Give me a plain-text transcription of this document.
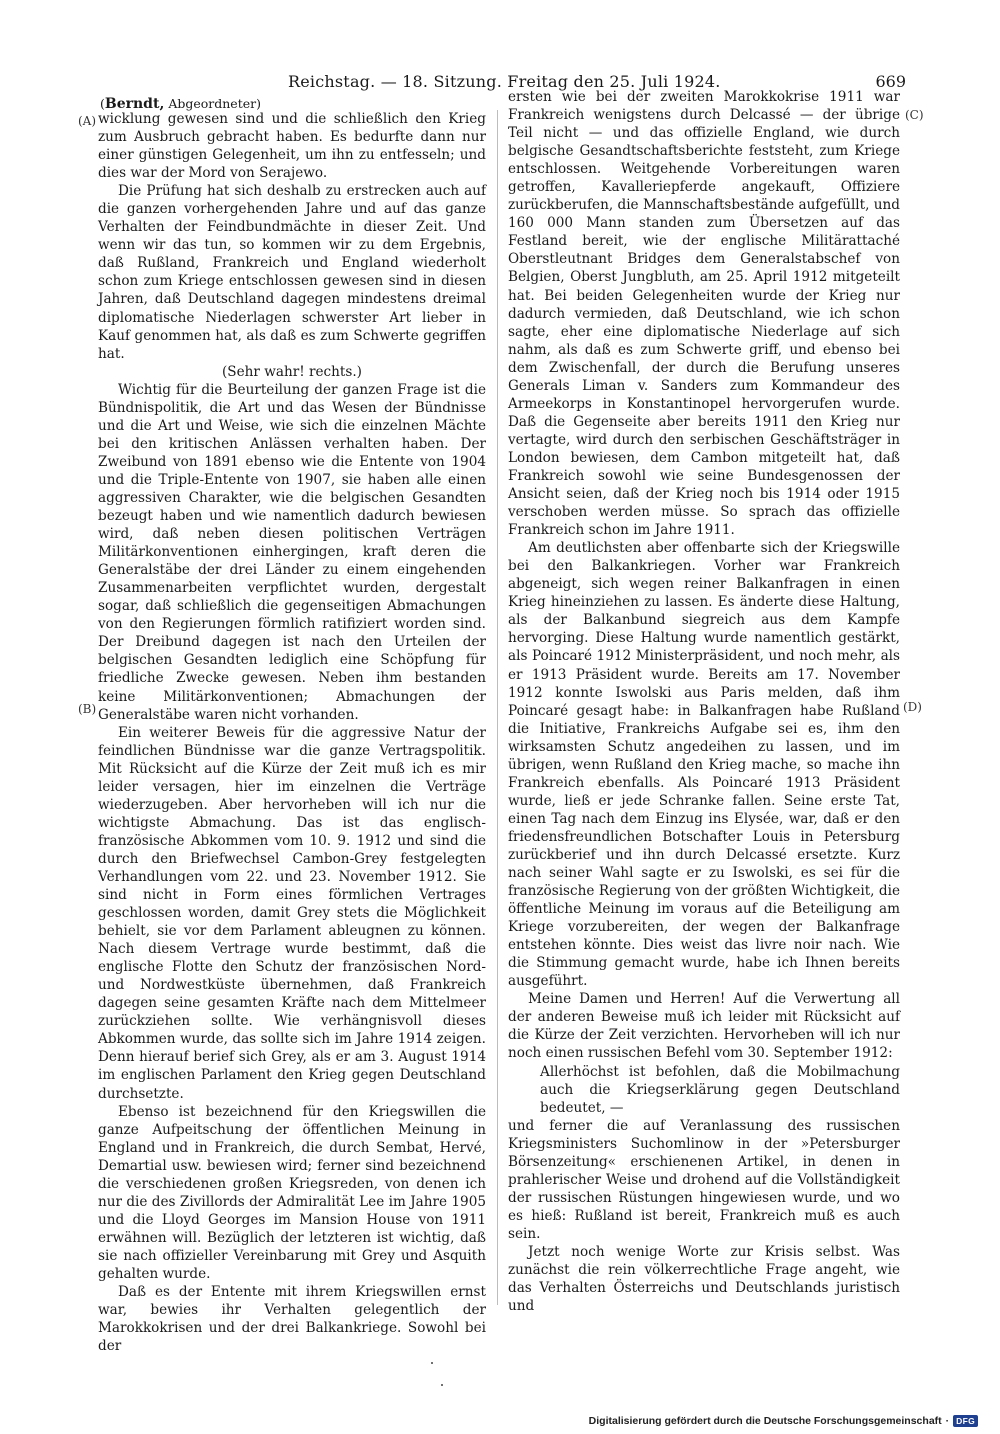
Reichstag. — 18. Sitzung. Freitag den 25. Juli 1924.	669
(Berndt, Abgeordneter)
(A)
(B)
(C)
(D)

wicklung gewesen sind und die schließlich den Krieg zum Ausbruch gebracht haben. Es bedurfte dann nur einer günstigen Gelegenheit, um ihn zu entfesseln; und dies war der Mord von Serajewo.

Die Prüfung hat sich deshalb zu erstrecken auch auf die ganzen vorhergehenden Jahre und auf das ganze Verhalten der Feindbundmächte in dieser Zeit. Und wenn wir das tun, so kommen wir zu dem Ergebnis, daß Rußland, Frankreich und England wiederholt schon zum Kriege entschlossen gewesen sind in diesen Jahren, daß Deutschland dagegen mindestens dreimal diplomatische Niederlagen schwerster Art lieber in Kauf genommen hat, als daß es zum Schwerte gegriffen hat.

(Sehr wahr! rechts.)

Wichtig für die Beurteilung der ganzen Frage ist die Bündnispolitik, die Art und das Wesen der Bündnisse und die Art und Weise, wie sich die einzelnen Mächte bei den kritischen Anlässen verhalten haben. Der Zweibund von 1891 ebenso wie die Entente von 1904 und die Triple-Entente von 1907, sie haben alle einen aggressiven Charakter, wie die belgischen Gesandten bezeugt haben und wie namentlich dadurch bewiesen wird, daß neben diesen politischen Verträgen Militärkonventionen einhergingen, kraft deren die Generalstäbe der drei Länder zu einem eingehenden Zusammenarbeiten verpflichtet wurden, dergestalt sogar, daß schließlich die gegenseitigen Abmachungen von den Regierungen förmlich ratifiziert worden sind. Der Dreibund dagegen ist nach den Urteilen der belgischen Gesandten lediglich eine Schöpfung für friedliche Zwecke gewesen. Neben ihm bestanden keine Militärkonventionen; Abmachungen der Generalstäbe waren nicht vorhanden.

Ein weiterer Beweis für die aggressive Natur der feindlichen Bündnisse war die ganze Vertragspolitik. Mit Rücksicht auf die Kürze der Zeit muß ich es mir leider versagen, hier im einzelnen die Verträge wiederzugeben. Aber hervorheben will ich nur die wichtigste Abmachung. Das ist das englisch-französische Abkommen vom 10. 9. 1912 und sind die durch den Briefwechsel Cambon-Grey festgelegten Verhandlungen vom 22. und 23. November 1912. Sie sind nicht in Form eines förmlichen Vertrages geschlossen worden, damit Grey stets die Möglichkeit behielt, sie vor dem Parlament ableugnen zu können. Nach diesem Vertrage wurde bestimmt, daß die englische Flotte den Schutz der französischen Nord- und Nordwestküste übernehmen, daß Frankreich dagegen seine gesamten Kräfte nach dem Mittelmeer zurückziehen sollte. Wie verhängnisvoll dieses Abkommen wurde, das sollte sich im Jahre 1914 zeigen. Denn hierauf berief sich Grey, als er am 3. August 1914 im englischen Parlament den Krieg gegen Deutschland durchsetzte.

Ebenso ist bezeichnend für den Kriegswillen die ganze Aufpeitschung der öffentlichen Meinung in England und in Frankreich, die durch Sembat, Hervé, Demartial usw. bewiesen wird; ferner sind bezeichnend die verschiedenen großen Kriegsreden, von denen ich nur die des Zivillords der Admiralität Lee im Jahre 1905 und die Lloyd Georges im Mansion House von 1911 erwähnen will. Bezüglich der letzteren ist wichtig, daß sie nach offizieller Vereinbarung mit Grey und Asquith gehalten wurde.

Daß es der Entente mit ihrem Kriegswillen ernst war, bewies ihr Verhalten gelegentlich der Marokkokrisen und der drei Balkankriege. Sowohl bei der

ersten wie bei der zweiten Marokkokrise 1911 war Frankreich wenigstens durch Delcassé — der übrige Teil nicht — und das offizielle England, wie durch belgische Gesandtschaftsberichte feststeht, zum Kriege entschlossen. Weitgehende Vorbereitungen waren getroffen, Kavalleriepferde angekauft, Offiziere zurückberufen, die Mannschaftsbestände aufgefüllt, und 160 000 Mann standen zum Übersetzen auf das Festland bereit, wie der englische Militärattaché Oberstleutnant Bridges dem Generalstabschef von Belgien, Oberst Jungbluth, am 25. April 1912 mitgeteilt hat. Bei beiden Gelegenheiten wurde der Krieg nur dadurch vermieden, daß Deutschland, wie ich schon sagte, eher eine diplomatische Niederlage auf sich nahm, als daß es zum Schwerte griff, und ebenso bei dem Zwischenfall, der durch die Berufung unseres Generals Liman v. Sanders zum Kommandeur des Armeekorps in Konstantinopel hervorgerufen wurde. Daß die Gegenseite aber bereits 1911 den Krieg nur vertagte, wird durch den serbischen Geschäftsträger in London bewiesen, dem Cambon mitgeteilt hat, daß Frankreich sowohl wie seine Bundesgenossen der Ansicht seien, daß der Krieg noch bis 1914 oder 1915 verschoben werden müsse. So sprach das offizielle Frankreich schon im Jahre 1911.

Am deutlichsten aber offenbarte sich der Kriegswille bei den Balkankriegen. Vorher war Frankreich abgeneigt, sich wegen reiner Balkanfragen in einen Krieg hineinziehen zu lassen. Es änderte diese Haltung, als der Balkanbund siegreich aus dem Kampfe hervorging. Diese Haltung wurde namentlich gestärkt, als Poincaré 1912 Ministerpräsident, und noch mehr, als er 1913 Präsident wurde. Bereits am 17. November 1912 konnte Iswolski aus Paris melden, daß ihm Poincaré gesagt habe: in Balkanfragen habe Rußland die Initiative, Frankreichs Aufgabe sei es, ihm den wirksamsten Schutz angedeihen zu lassen, und im übrigen, wenn Rußland den Krieg mache, so mache ihn Frankreich ebenfalls. Als Poincaré 1913 Präsident wurde, ließ er jede Schranke fallen. Seine erste Tat, einen Tag nach dem Einzug ins Elysée, war, daß er den friedensfreundlichen Botschafter Louis in Petersburg zurückberief und ihn durch Delcassé ersetzte. Kurz nach seiner Wahl sagte er zu Iswolski, es sei für die französische Regierung von der größten Wichtigkeit, die öffentliche Meinung im voraus auf die Beteiligung am Kriege vorzubereiten, der wegen der Balkanfrage entstehen könnte. Dies weist das livre noir nach. Wie die Stimmung gemacht wurde, habe ich Ihnen bereits ausgeführt.

Meine Damen und Herren! Auf die Verwertung all der anderen Beweise muß ich leider mit Rücksicht auf die Kürze der Zeit verzichten. Hervorheben will ich nur noch einen russischen Befehl vom 30. September 1912:

Allerhöchst ist befohlen, daß die Mobilmachung auch die Kriegserklärung gegen Deutschland bedeutet, —

und ferner die auf Veranlassung des russischen Kriegsministers Suchomlinow in der »Petersburger Börsenzeitung« erschienenen Artikel, in denen in prahlerischer Weise und drohend auf die Vollständigkeit der russischen Rüstungen hingewiesen wurde, und wo es hieß: Rußland ist bereit, Frankreich muß es auch sein.

Jetzt noch wenige Worte zur Krisis selbst. Was zunächst die rein völkerrechtliche Frage angeht, wie das Verhalten Österreichs und Deutschlands juristisch und

Digitalisierung gefördert durch die Deutsche Forschungsgemeinschaft · DFG
